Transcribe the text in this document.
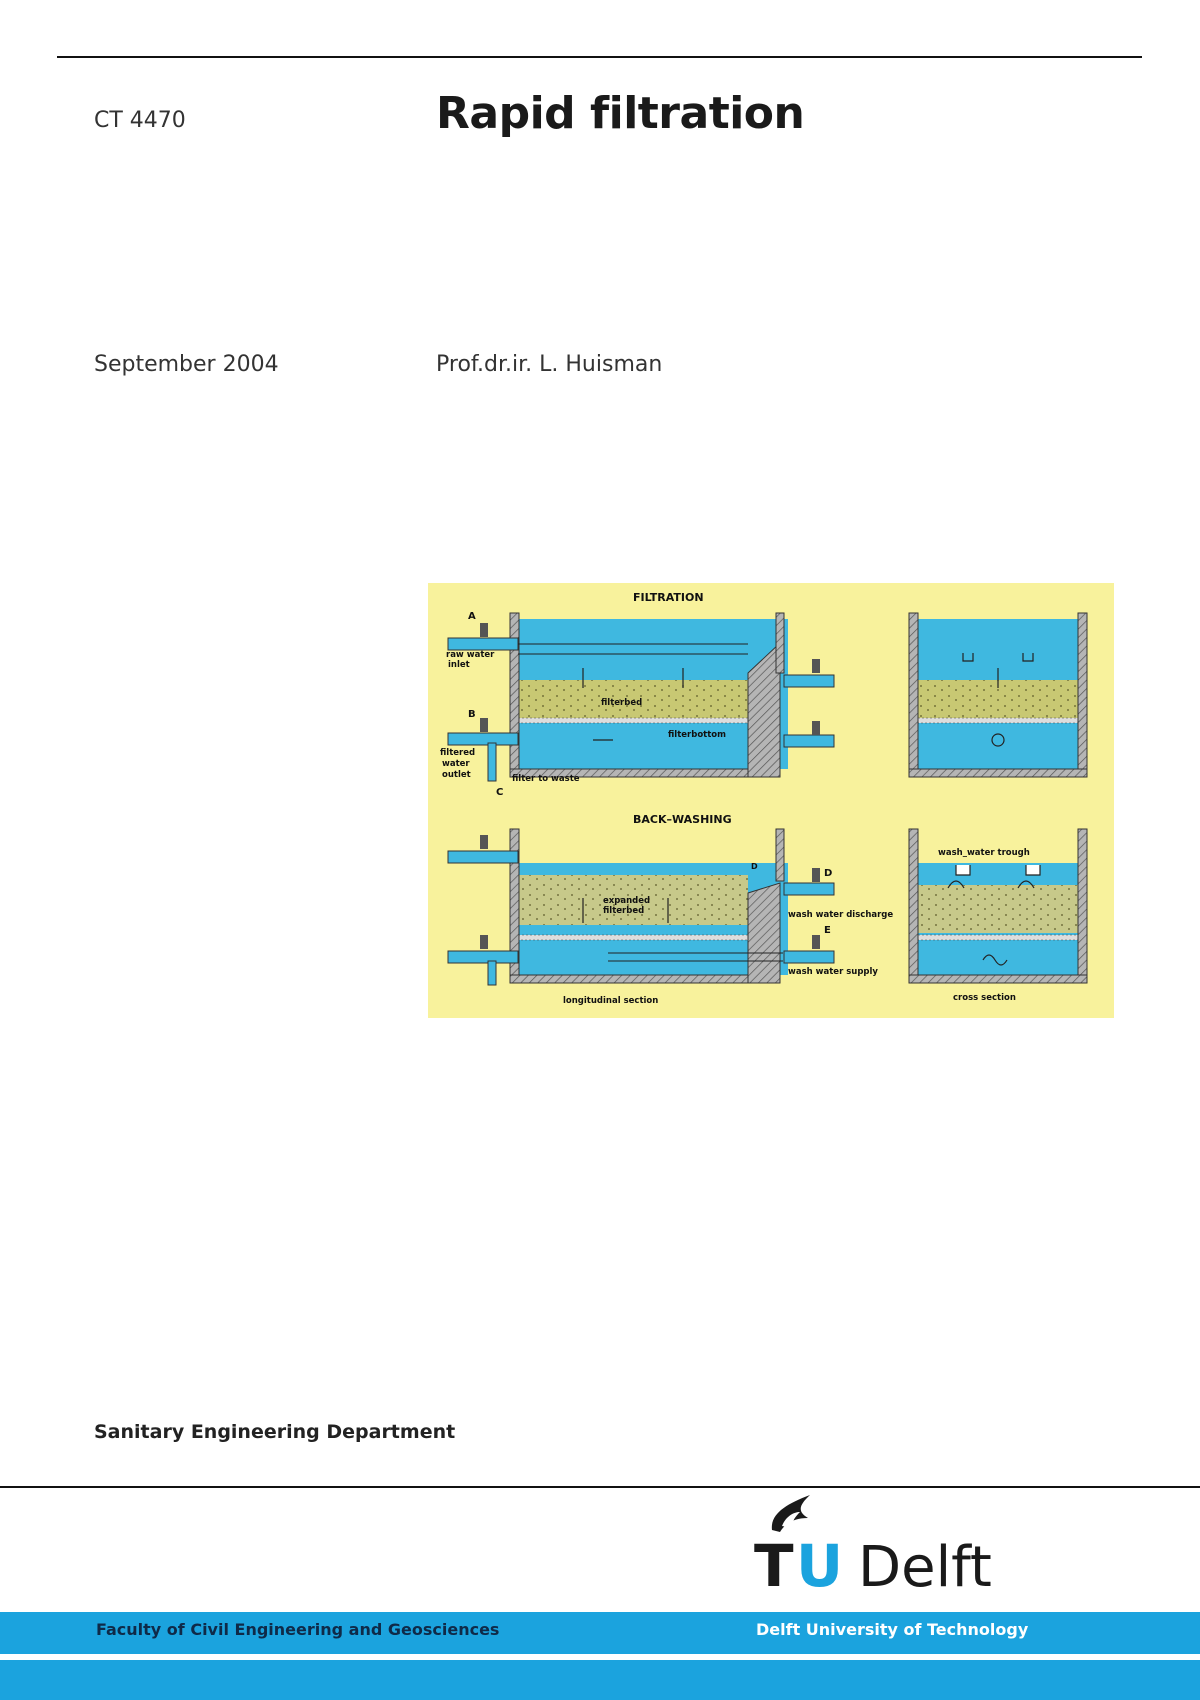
CT 4470	Rapid filtration
September 2004	Prof.dr.ir. L. Huisman
FILTRATION
BACK–WASHING
A
B
C
D
E
D
raw water
inlet
filtered
water
outlet
filterbed
filterbottom
filter to waste
expanded
filterbed	wash water discharge
wash water supply
wash_water trough
longitudinal section	cross section
Sanitary Engineering Department
T U Delft
Faculty of Civil Engineering and Geosciences	Delft University of Technology
